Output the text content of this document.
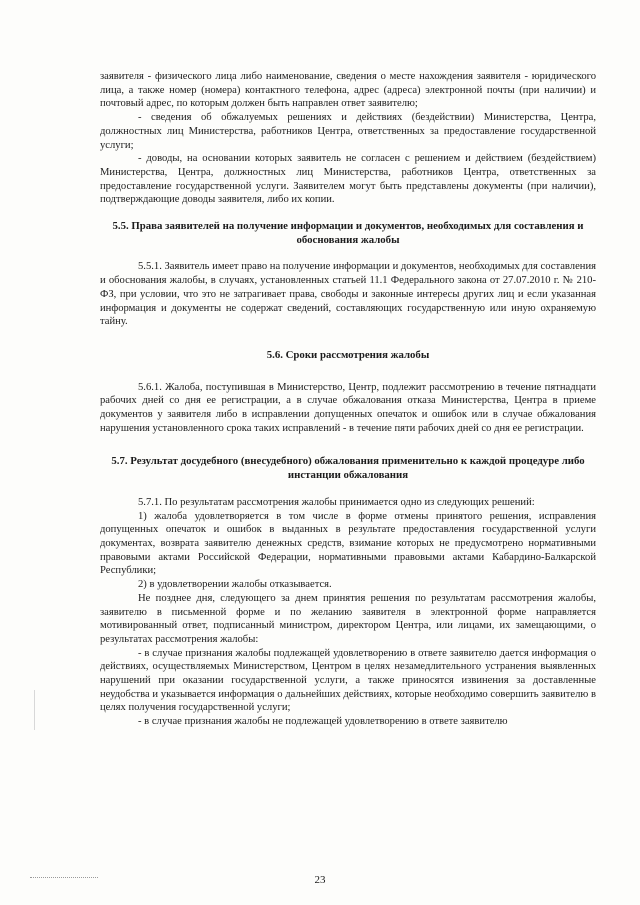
заявителя - физического лица либо наименование, сведения о месте нахождения заявителя - юридического лица, а также номер (номера) контактного телефона, адрес (адреса) электронной почты (при наличии) и почтовый адрес, по которым должен быть направлен ответ заявителю;

- сведения об обжалуемых решениях и действиях (бездействии) Министерства, Центра, должностных лиц Министерства, работников Центра, ответственных за предоставление государственной услуги;

- доводы, на основании которых заявитель не согласен с решением и действием (бездействием) Министерства, Центра, должностных лиц Министерства, работников Центра, ответственных за предоставление государственной услуги. Заявителем могут быть представлены документы (при наличии), подтверждающие доводы заявителя, либо их копии.

5.5. Права заявителей на получение информации и документов, необходимых для составления и обоснования жалобы

5.5.1. Заявитель имеет право на получение информации и документов, необходимых для составления и обоснования жалобы, в случаях, установленных статьей 11.1 Федерального закона от 27.07.2010 г. № 210-ФЗ, при условии, что это не затрагивает права, свободы и законные интересы других лиц и если указанная информация и документы не содержат сведений, составляющих государственную или иную охраняемую тайну.

5.6. Сроки рассмотрения жалобы

5.6.1. Жалоба, поступившая в Министерство, Центр, подлежит рассмотрению в течение пятнадцати рабочих дней со дня ее регистрации, а в случае обжалования отказа Министерства, Центра в приеме документов у заявителя либо в исправлении допущенных опечаток и ошибок или в случае обжалования нарушения установленного срока таких исправлений - в течение пяти рабочих дней со дня ее регистрации.

5.7. Результат досудебного (внесудебного) обжалования применительно к каждой процедуре либо инстанции обжалования

5.7.1. По результатам рассмотрения жалобы принимается одно из следующих решений:

1) жалоба удовлетворяется в том числе в форме отмены принятого решения, исправления допущенных опечаток и ошибок в выданных в результате предоставления государственной услуги документах, возврата заявителю денежных средств, взимание которых не предусмотрено нормативными правовыми актами Российской Федерации, нормативными правовыми актами Кабардино-Балкарской Республики;

2) в удовлетворении жалобы отказывается.

Не позднее дня, следующего за днем принятия решения по результатам рассмотрения жалобы, заявителю в письменной форме и по желанию заявителя в электронной форме направляется мотивированный ответ, подписанный министром, директором Центра, или лицами, их замещающими, о результатах рассмотрения жалобы:

- в случае признания жалобы подлежащей удовлетворению в ответе заявителю дается информация о действиях, осуществляемых Министерством, Центром в целях незамедлительного устранения выявленных нарушений при оказании государственной услуги, а также приносятся извинения за доставленные неудобства и указывается информация о дальнейших действиях, которые необходимо совершить заявителю в целях получения государственной услуги;

- в случае признания жалобы не подлежащей удовлетворению в ответе заявителю

23
